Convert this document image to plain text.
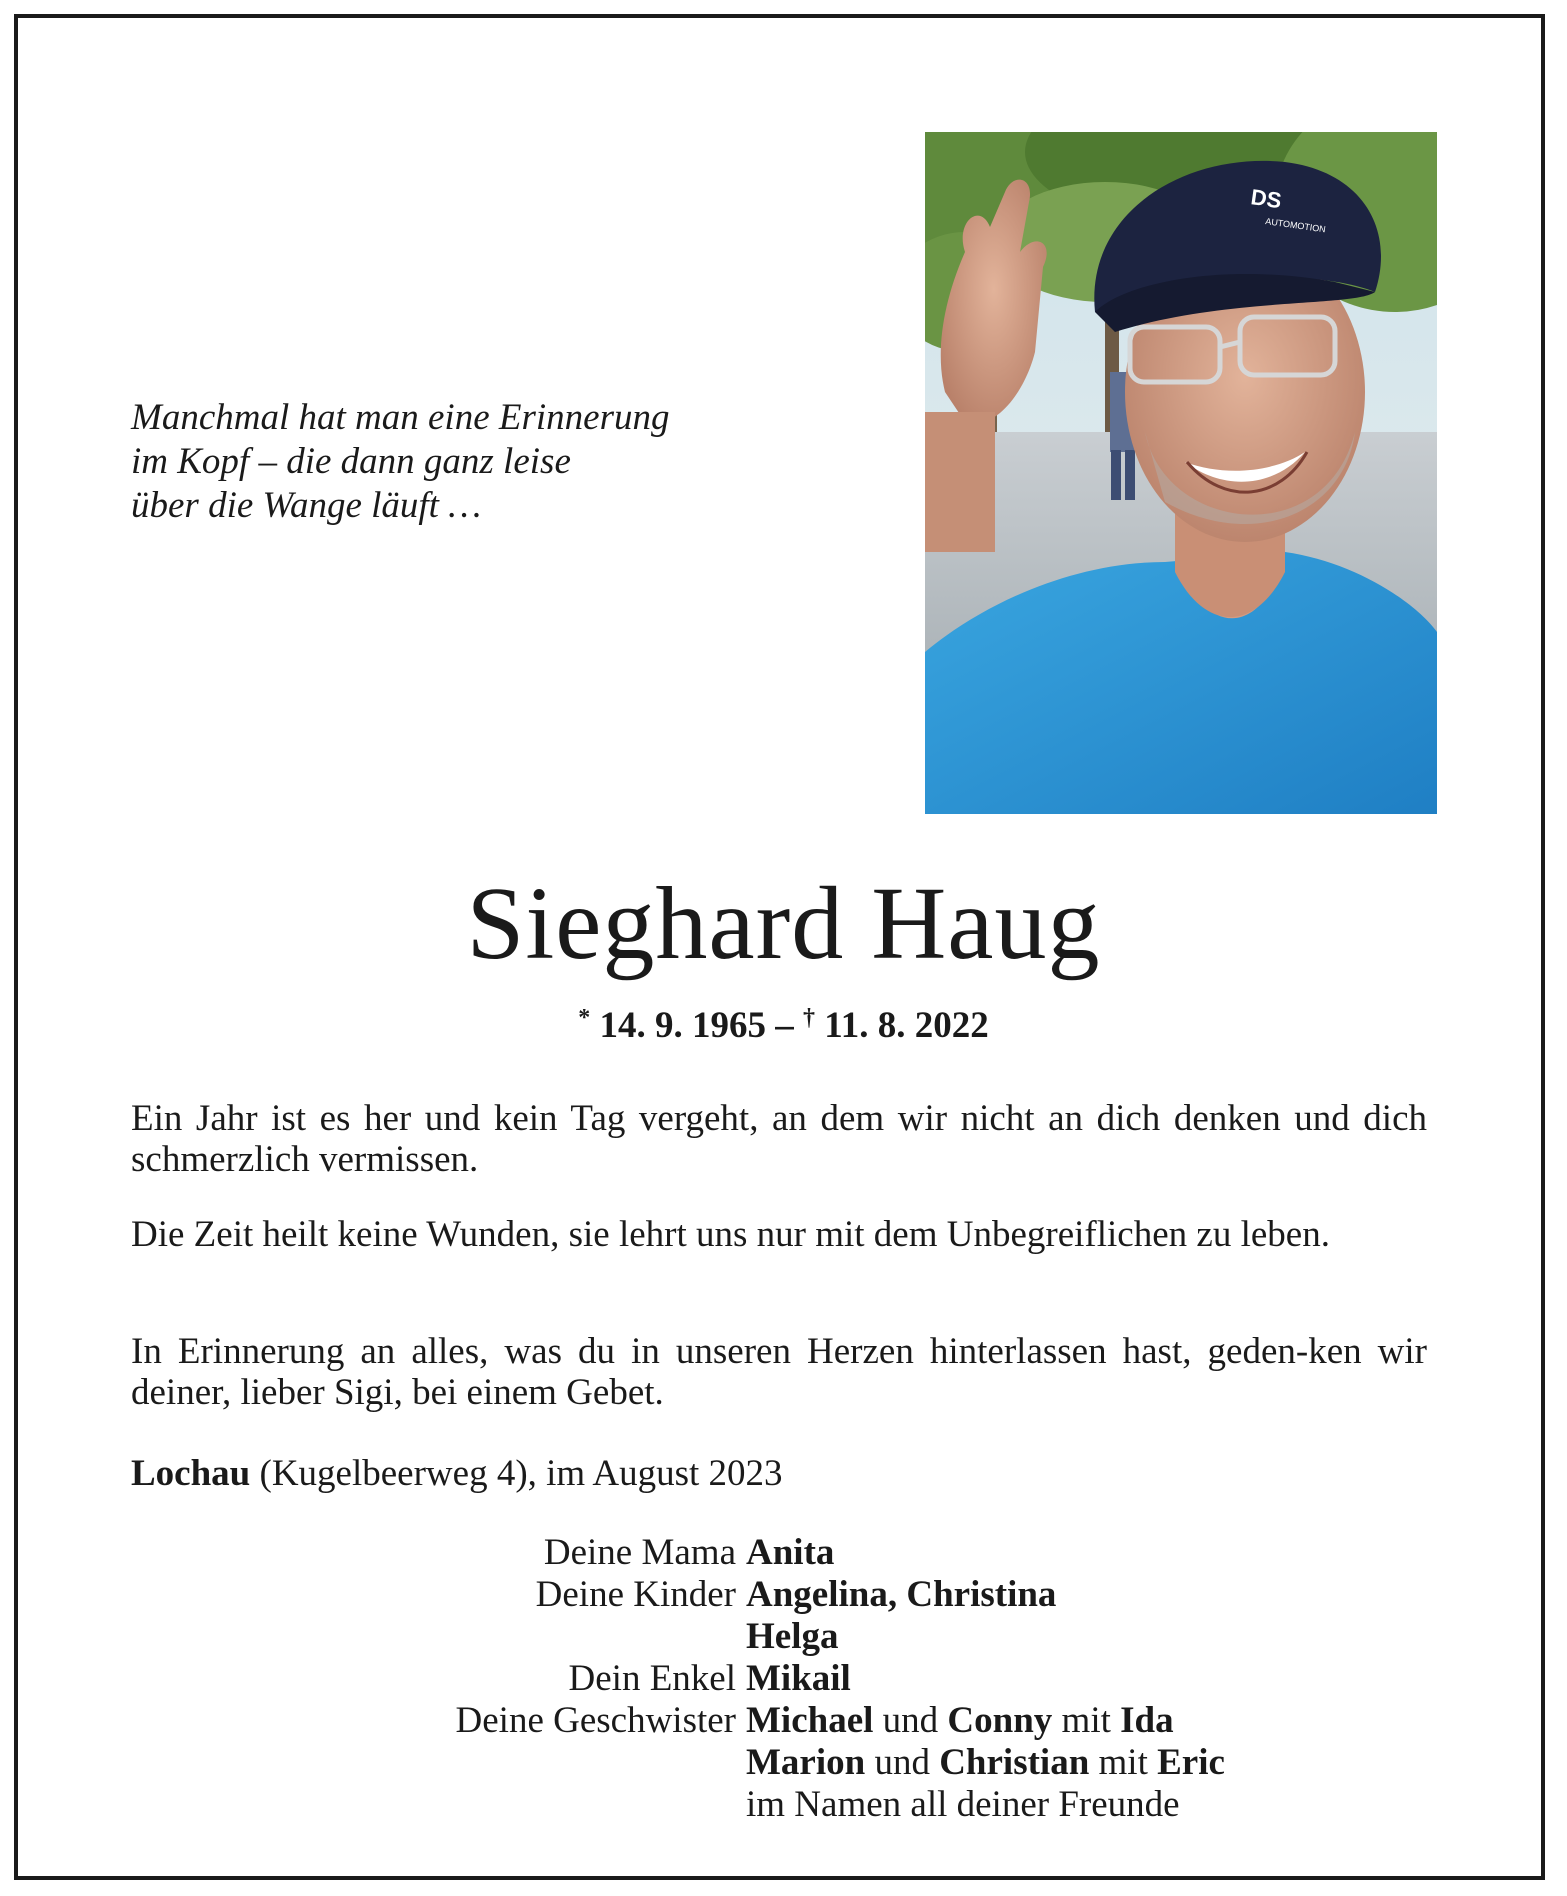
Manchmal hat man eine Erinnerung
im Kopf – die dann ganz leise
über die Wange läuft …
DS
AUTOMOTION
Sieghard Haug
* 14. 9. 1965 – † 11. 8. 2022
Ein Jahr ist es her und kein Tag vergeht, an dem wir nicht an dich denken und dich schmerzlich vermissen.
Die Zeit heilt keine Wunden, sie lehrt uns nur mit dem Unbegreiflichen zu leben.
In Erinnerung an alles, was du in unseren Herzen hinterlassen hast, geden-ken wir deiner, lieber Sigi, bei einem Gebet.
Lochau (Kugelbeerweg 4), im August 2023
Deine Mama Anita
Deine Kinder Angelina, Christina
Helga
Dein Enkel Mikail
Deine Geschwister Michael und Conny mit Ida
Marion und Christian mit Eric
im Namen all deiner Freunde
